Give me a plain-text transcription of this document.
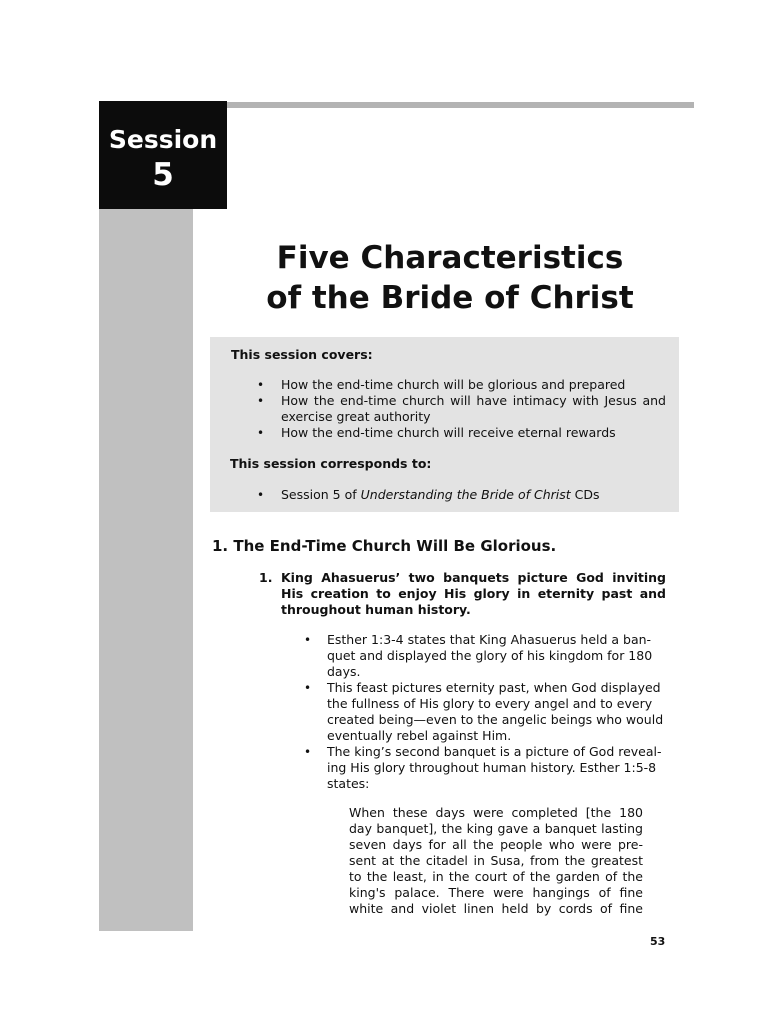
Session
5
Five Characteristics
of the Bride of Christ
This session covers:
• How the end-time church will be glorious and prepared
• How the end-time church will have intimacy with Jesus and
exercise great authority
• How the end-time church will receive eternal rewards
This session corresponds to:
• Session 5 of Understanding the Bride of Christ CDs
1. The End-Time Church Will Be Glorious.
1. King Ahasuerus’ two banquets picture God inviting
His creation to enjoy His glory in eternity past and
throughout human history.
• Esther 1:3-4 states that King Ahasuerus held a ban-
quet and displayed the glory of his kingdom for 180
days.
• This feast pictures eternity past, when God displayed
the fullness of His glory to every angel and to every
created being—even to the angelic beings who would
eventually rebel against Him.
• The king’s second banquet is a picture of God reveal-
ing His glory throughout human history. Esther 1:5-8
states:
When these days were completed [the 180
day banquet], the king gave a banquet lasting
seven days for all the people who were pre-
sent at the citadel in Susa, from the greatest
to the least, in the court of the garden of the
king's palace. There were hangings of fine
white and violet linen held by cords of fine
53
